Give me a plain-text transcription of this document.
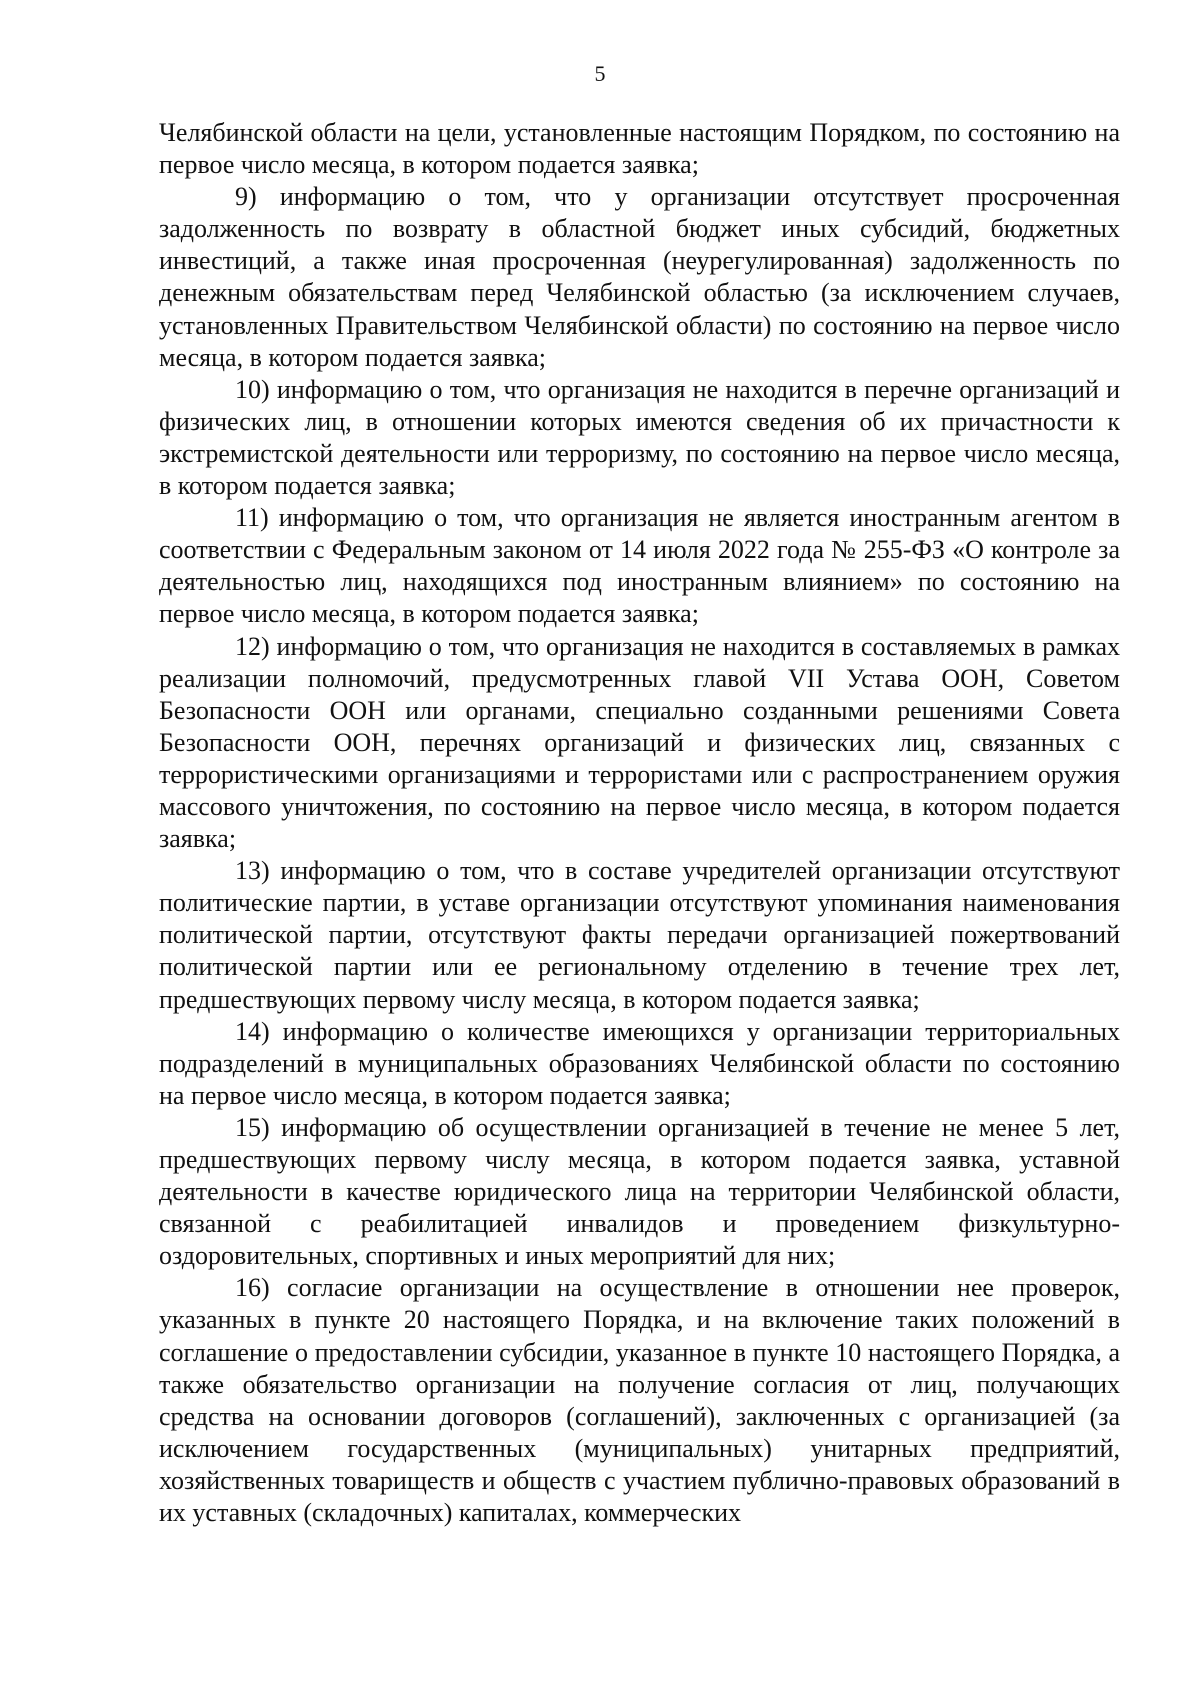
5

Челябинской области на цели, установленные настоящим Порядком, по состоянию на первое число месяца, в котором подается заявка;

9) информацию о том, что у организации отсутствует просроченная задолженность по возврату в областной бюджет иных субсидий, бюджетных инвестиций, а также иная просроченная (неурегулированная) задолженность по денежным обязательствам перед Челябинской областью (за исключением случаев, установленных Правительством Челябинской области) по состоянию на первое число месяца, в котором подается заявка;

10) информацию о том, что организация не находится в перечне организаций и физических лиц, в отношении которых имеются сведения об их причастности к экстремистской деятельности или терроризму, по состоянию на первое число месяца, в котором подается заявка;

11) информацию о том, что организация не является иностранным агентом в соответствии с Федеральным законом от 14 июля 2022 года № 255-ФЗ «О контроле за деятельностью лиц, находящихся под иностранным влиянием» по состоянию на первое число месяца, в котором подается заявка;

12) информацию о том, что организация не находится в составляемых в рамках реализации полномочий, предусмотренных главой VII Устава ООН, Советом Безопасности ООН или органами, специально созданными решениями Совета Безопасности ООН, перечнях организаций и физических лиц, связанных с террористическими организациями и террористами или с распространением оружия массового уничтожения, по состоянию на первое число месяца, в котором подается заявка;

13) информацию о том, что в составе учредителей организации отсутствуют политические партии, в уставе организации отсутствуют упоминания наименования политической партии, отсутствуют факты передачи организацией пожертвований политической партии или ее региональному отделению в течение трех лет, предшествующих первому числу месяца, в котором подается заявка;

14) информацию о количестве имеющихся у организации территориальных подразделений в муниципальных образованиях Челябинской области по состоянию на первое число месяца, в котором подается заявка;

15) информацию об осуществлении организацией в течение не менее 5 лет, предшествующих первому числу месяца, в котором подается заявка, уставной деятельности в качестве юридического лица на территории Челябинской области, связанной с реабилитацией инвалидов и проведением физкультурно-оздоровительных, спортивных и иных мероприятий для них;

16) согласие организации на осуществление в отношении нее проверок, указанных в пункте 20 настоящего Порядка, и на включение таких положений в соглашение о предоставлении субсидии, указанное в пункте 10 настоящего Порядка, а также обязательство организации на получение согласия от лиц, получающих средства на основании договоров (соглашений), заключенных с организацией (за исключением государственных (муниципальных) унитарных предприятий, хозяйственных товариществ и обществ с участием публично-правовых образований в их уставных (складочных) капиталах, коммерческих
